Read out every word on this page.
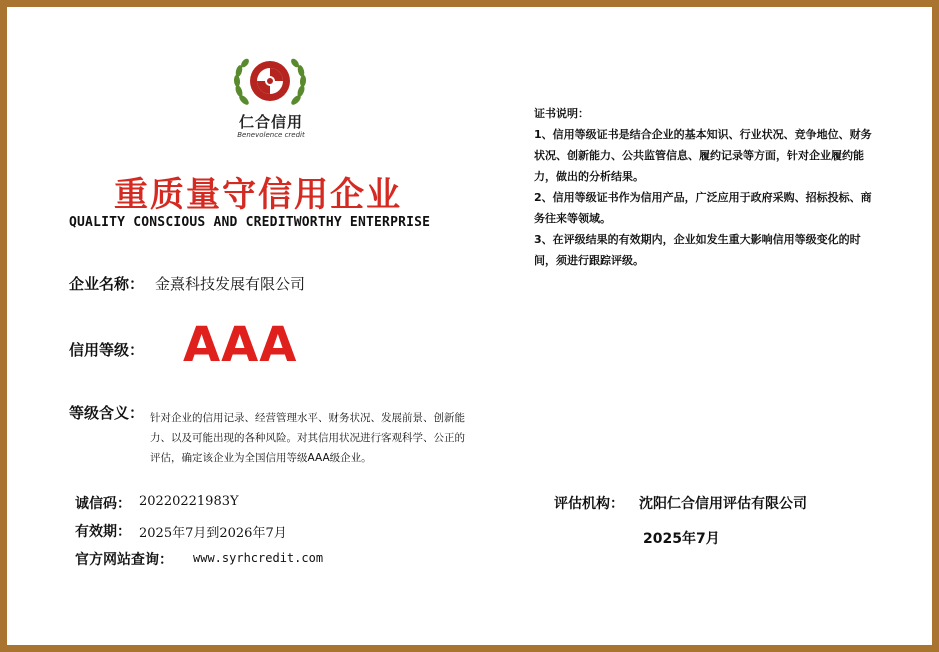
仁合信用
Benevolence credit
重质量守信用企业
QUALITY CONSCIOUS AND CREDITWORTHY ENTERPRISE
企业名称： 金熹科技发展有限公司
信用等级： AAA
等级含义： 针对企业的信用记录、经营管理水平、财务状况、发展前景、创新能力、以及可能出现的各种风险。对其信用状况进行客观科学、公正的评估，确定该企业为全国信用等级AAA级企业。
诚信码： 20220221983Y
有效期： 2025年7月到2026年7月
官方网站查询： www.syrhcredit.com

证书说明：

1、信用等级证书是结合企业的基本知识、行业状况、竞争地位、财务状况、创新能力、公共监管信息、履约记录等方面，针对企业履约能力，做出的分析结果。

2、信用等级证书作为信用产品，广泛应用于政府采购、招标投标、商务往来等领域。

3、在评级结果的有效期内，企业如发生重大影响信用等级变化的时间，须进行跟踪评级。

评估机构： 沈阳仁合信用评估有限公司
2025年7月
